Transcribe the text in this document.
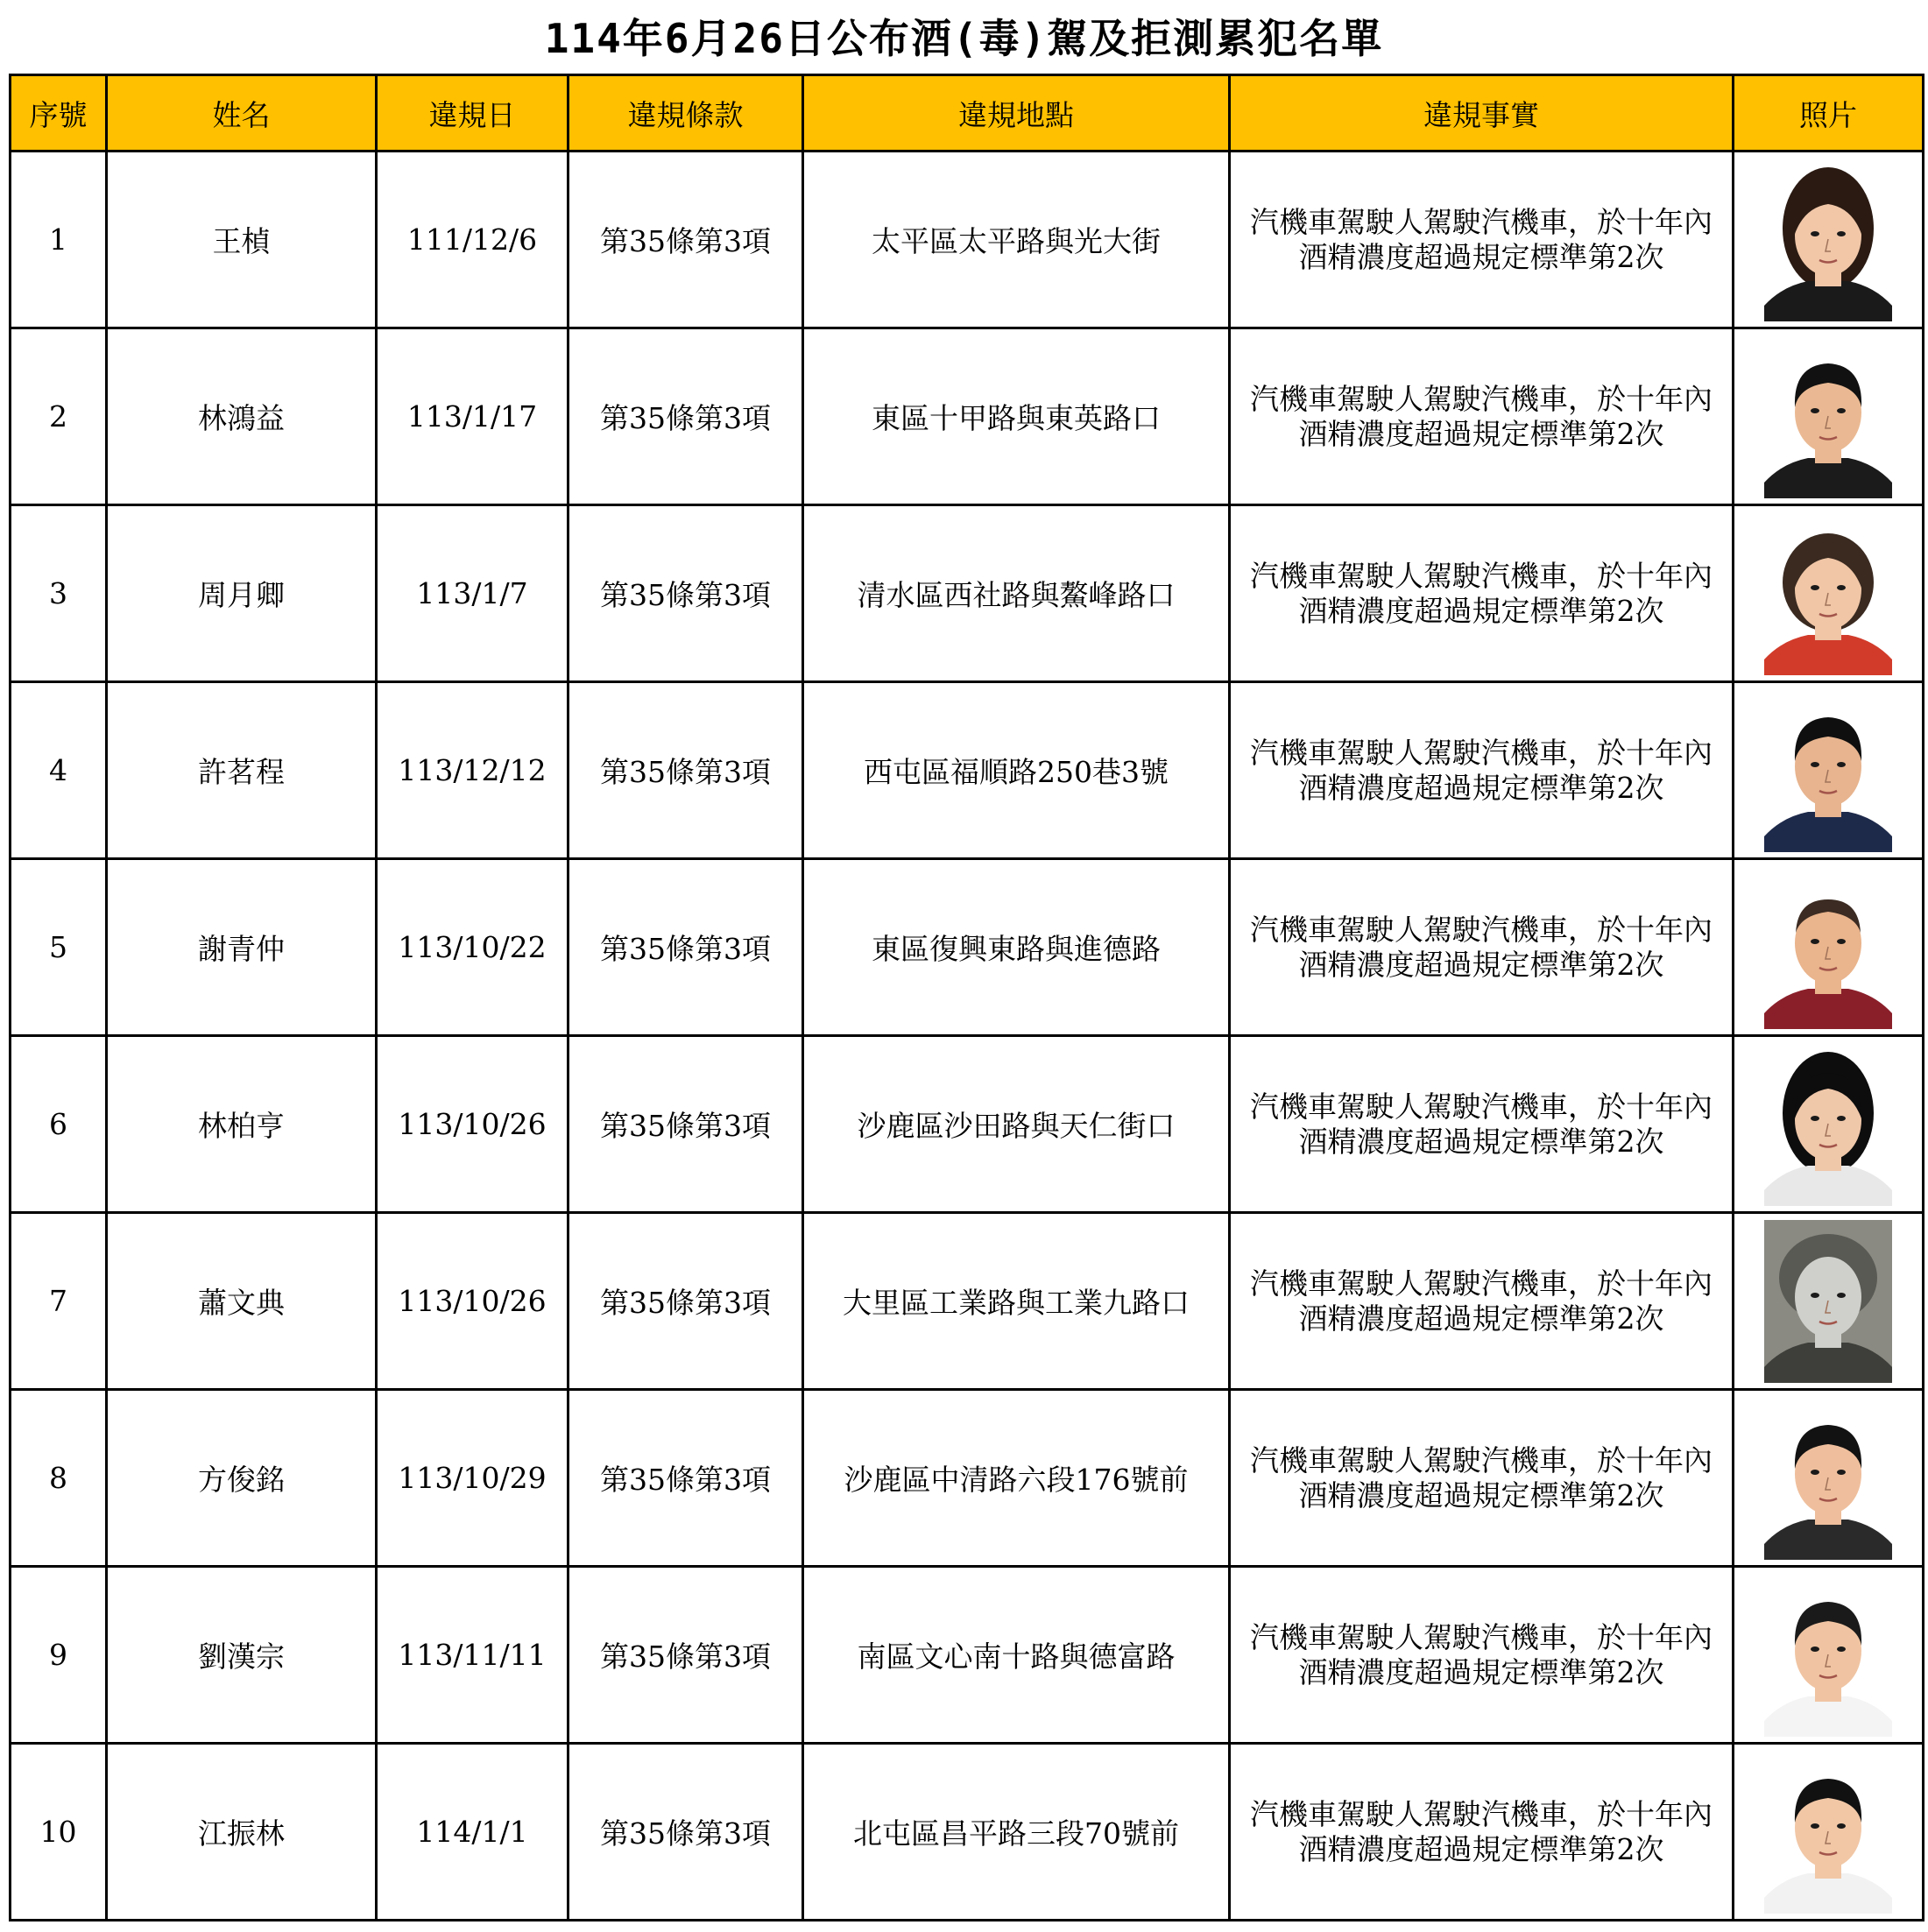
114年6月26日公布酒(毒)駕及拒測累犯名單
序號	姓名	違規日	違規條款	違規地點	違規事實	照片
1	王楨	111/12/6	第35條第3項	太平區太平路與光大街	汽機車駕駛人駕駛汽機車，於十年內
酒精濃度超過規定標準第2次

2	林鴻益	113/1/17	第35條第3項	東區十甲路與東英路口	汽機車駕駛人駕駛汽機車，於十年內
酒精濃度超過規定標準第2次

3	周月卿	113/1/7	第35條第3項	清水區西社路與鰲峰路口	汽機車駕駛人駕駛汽機車，於十年內
酒精濃度超過規定標準第2次

4	許茗程	113/12/12	第35條第3項	西屯區福順路250巷3號	汽機車駕駛人駕駛汽機車，於十年內
酒精濃度超過規定標準第2次

5	謝青仲	113/10/22	第35條第3項	東區復興東路與進德路	汽機車駕駛人駕駛汽機車，於十年內
酒精濃度超過規定標準第2次

6	林柏亨	113/10/26	第35條第3項	沙鹿區沙田路與天仁街口	汽機車駕駛人駕駛汽機車，於十年內
酒精濃度超過規定標準第2次

7	蕭文典	113/10/26	第35條第3項	大里區工業路與工業九路口	汽機車駕駛人駕駛汽機車，於十年內
酒精濃度超過規定標準第2次

8	方俊銘	113/10/29	第35條第3項	沙鹿區中清路六段176號前	汽機車駕駛人駕駛汽機車，於十年內
酒精濃度超過規定標準第2次

9	劉漢宗	113/11/11	第35條第3項	南區文心南十路與德富路	汽機車駕駛人駕駛汽機車，於十年內
酒精濃度超過規定標準第2次

10	江振林	114/1/1	第35條第3項	北屯區昌平路三段70號前	汽機車駕駛人駕駛汽機車，於十年內
酒精濃度超過規定標準第2次
